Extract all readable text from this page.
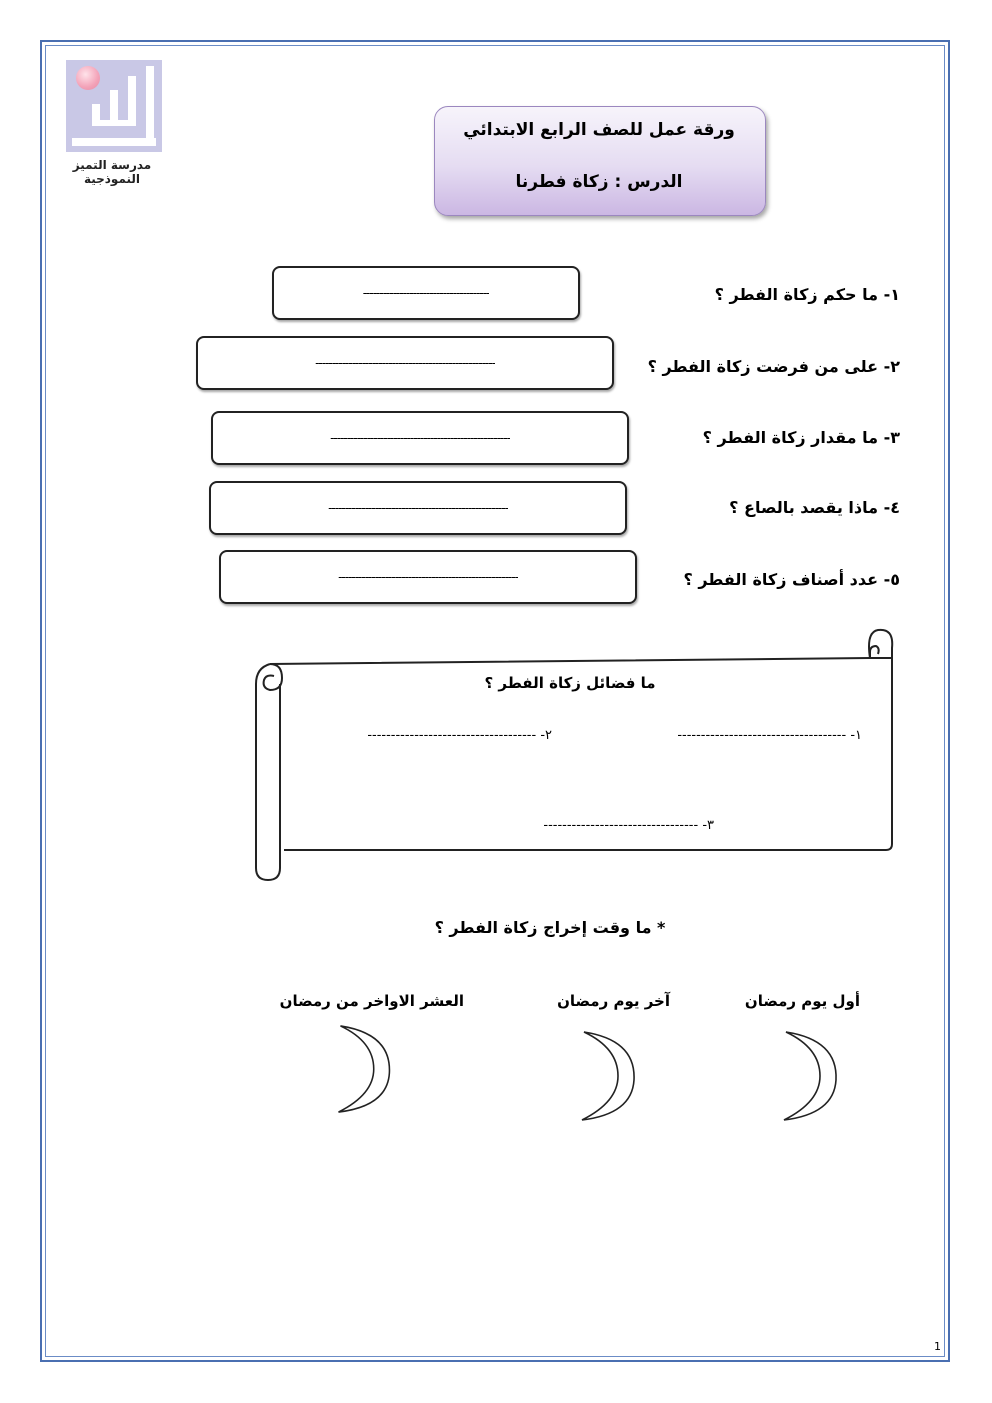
مدرسة التميز النموذجية
ورقة عمل للصف الرابع الابتدائي
الدرس : زكاة فطرنا
١- ما حكم زكاة الفطر ؟
--------------------------------------
٢- على من فرضت زكاة الفطر ؟
------------------------------------------------------
٣- ما مقدار زكاة الفطر ؟
------------------------------------------------------
٤- ماذا يقصد بالصاع ؟
------------------------------------------------------
٥- عدد أصناف زكاة الفطر ؟
------------------------------------------------------
ما فضائل زكاة الفطر ؟
١- ------------------------------------
٢- ------------------------------------
٣- ---------------------------------
* ما وقت إخراج زكاة الفطر ؟
أول يوم رمضان
آخر يوم رمضان
العشر الاواخر من رمضان
1
